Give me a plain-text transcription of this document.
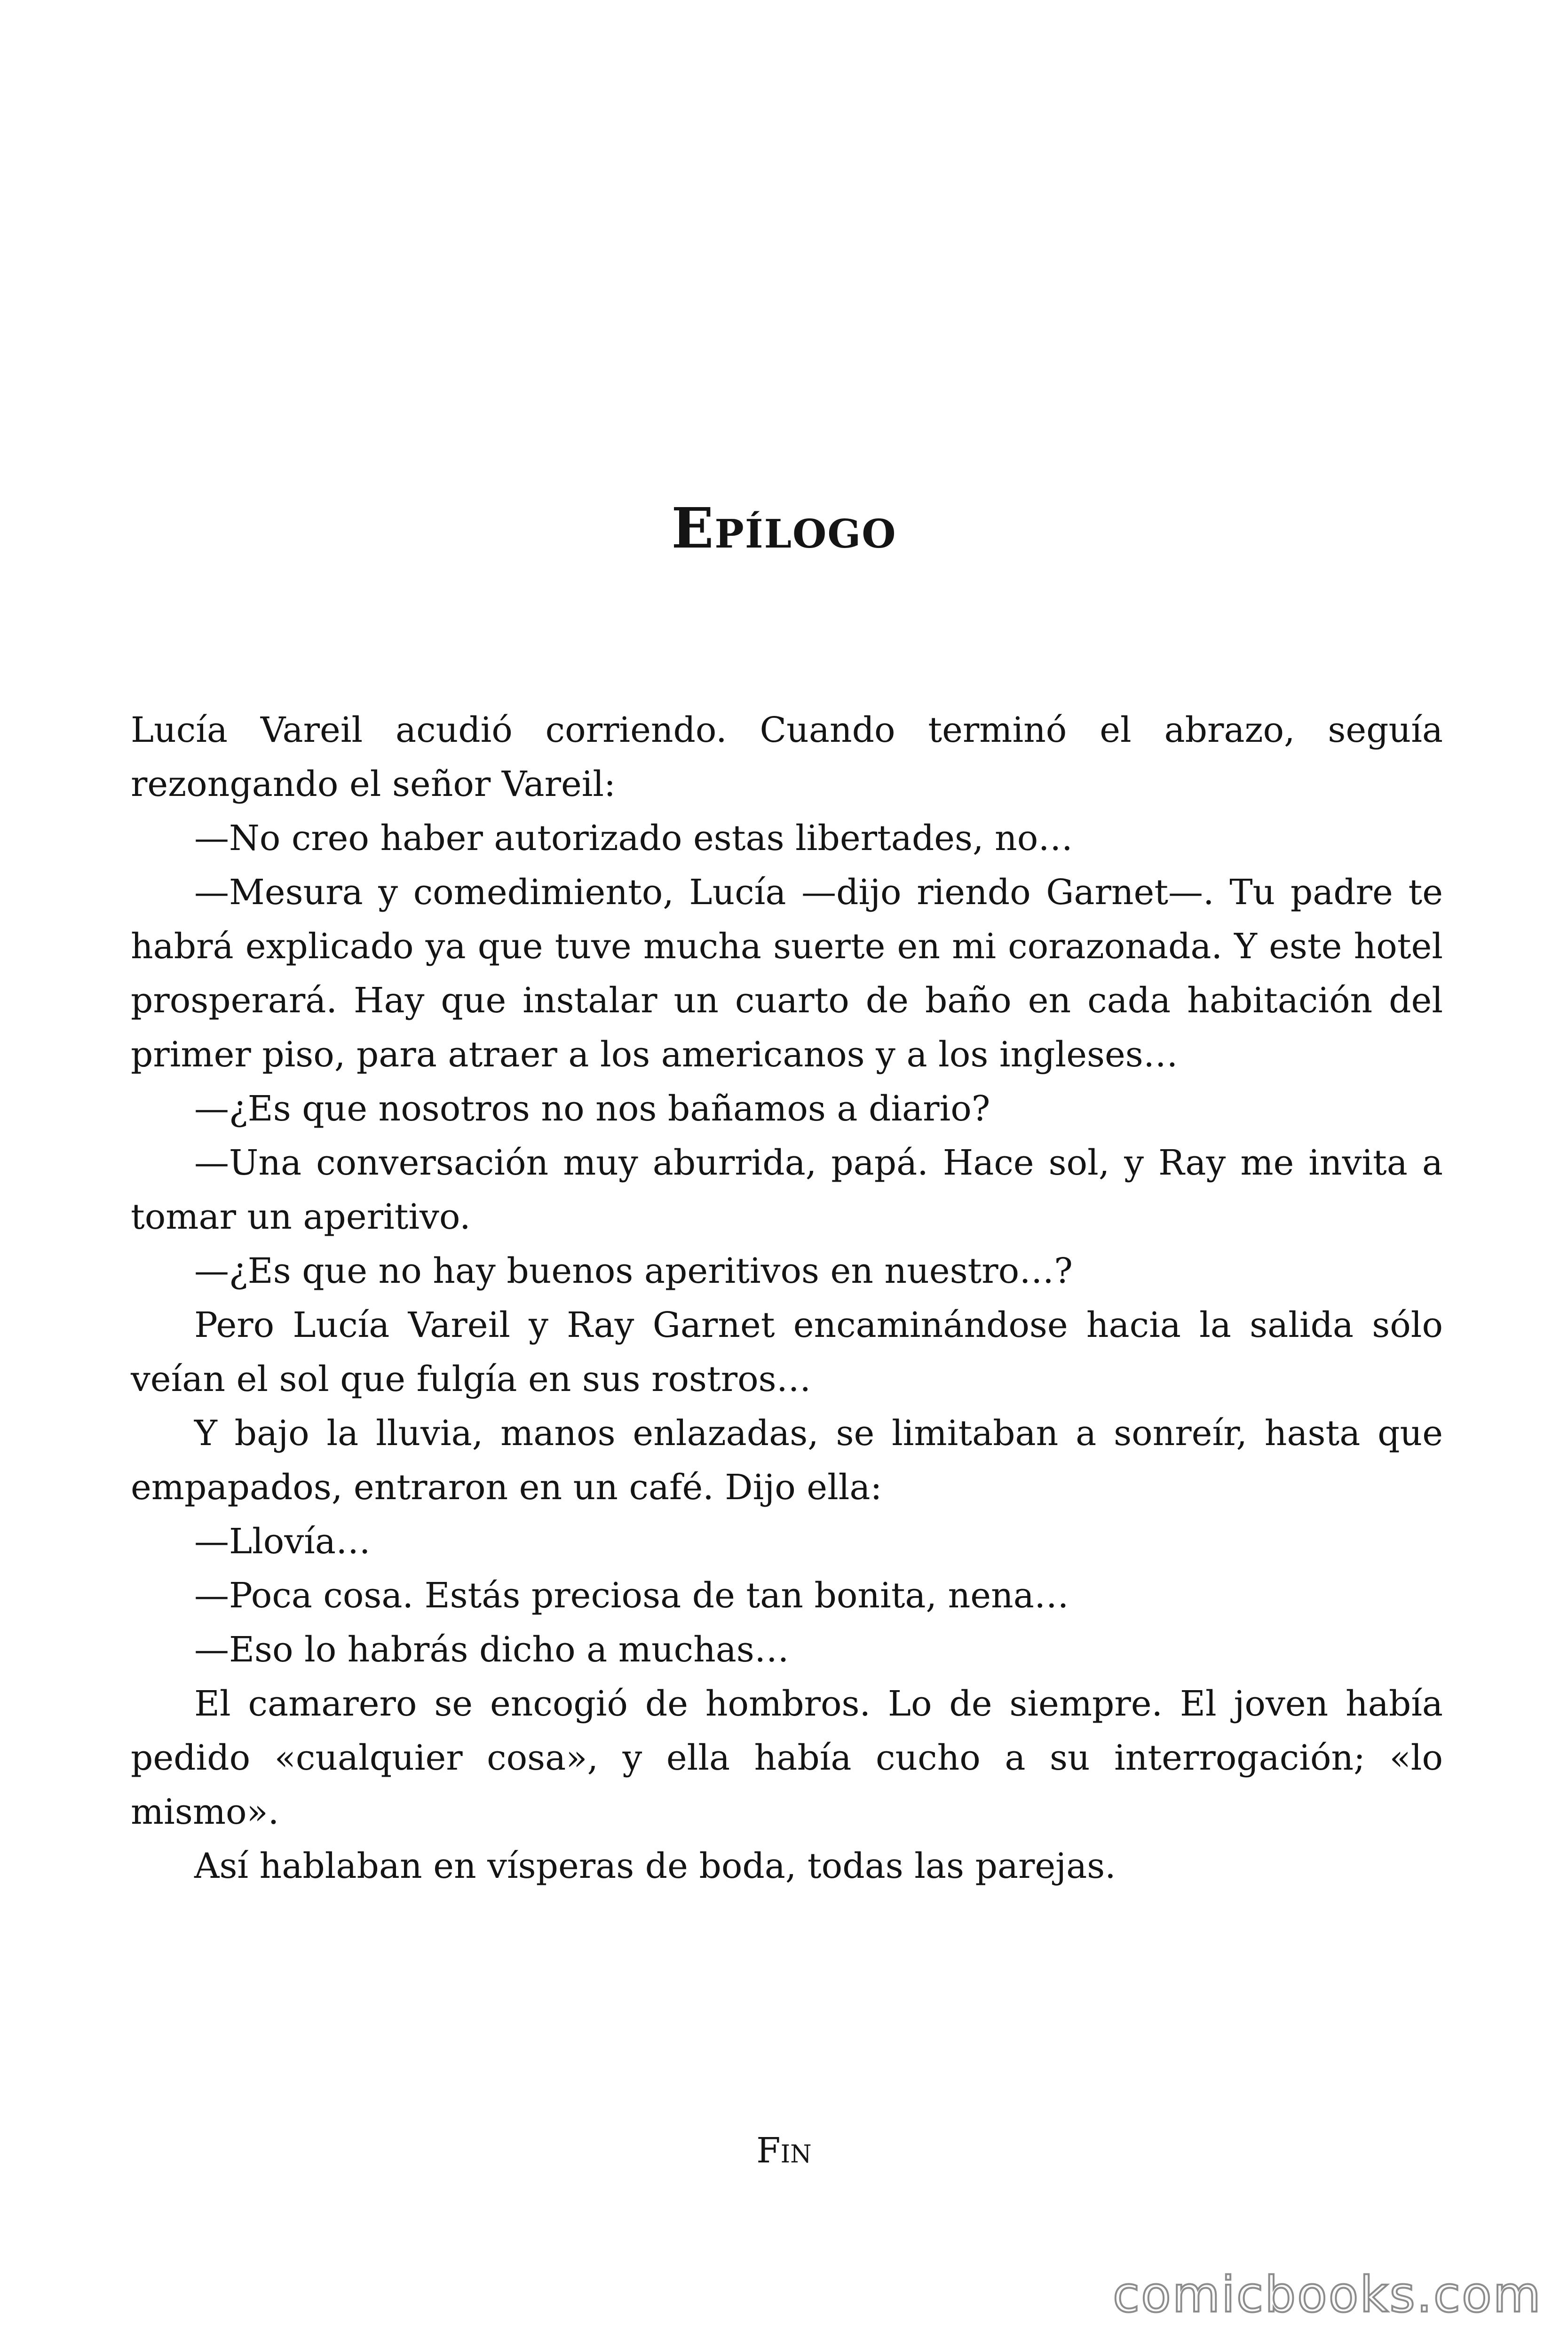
Epílogo

Lucía Vareil acudió corriendo. Cuando terminó el abrazo, seguía rezongando el señor Vareil:

—No creo haber autorizado estas libertades, no…

—Mesura y comedimiento, Lucía —dijo riendo Garnet—. Tu padre te habrá explicado ya que tuve mucha suerte en mi corazonada. Y este hotel prosperará. Hay que instalar un cuarto de baño en cada habitación del primer piso, para atraer a los americanos y a los ingleses…

—¿Es que nosotros no nos bañamos a diario?

—Una conversación muy aburrida, papá. Hace sol, y Ray me invita a tomar un aperitivo.

—¿Es que no hay buenos aperitivos en nuestro…?

Pero Lucía Vareil y Ray Garnet encaminándose hacia la salida sólo veían el sol que fulgía en sus rostros…

Y bajo la lluvia, manos enlazadas, se limitaban a sonreír, hasta que empapados, entraron en un café. Dijo ella:

—Llovía…

—Poca cosa. Estás preciosa de tan bonita, nena…

—Eso lo habrás dicho a muchas…

El camarero se encogió de hombros. Lo de siempre. El joven había pedido «cualquier cosa», y ella había cucho a su interrogación; «lo mismo».

Así hablaban en vísperas de boda, todas las parejas.

Fin
comicbooks.com
